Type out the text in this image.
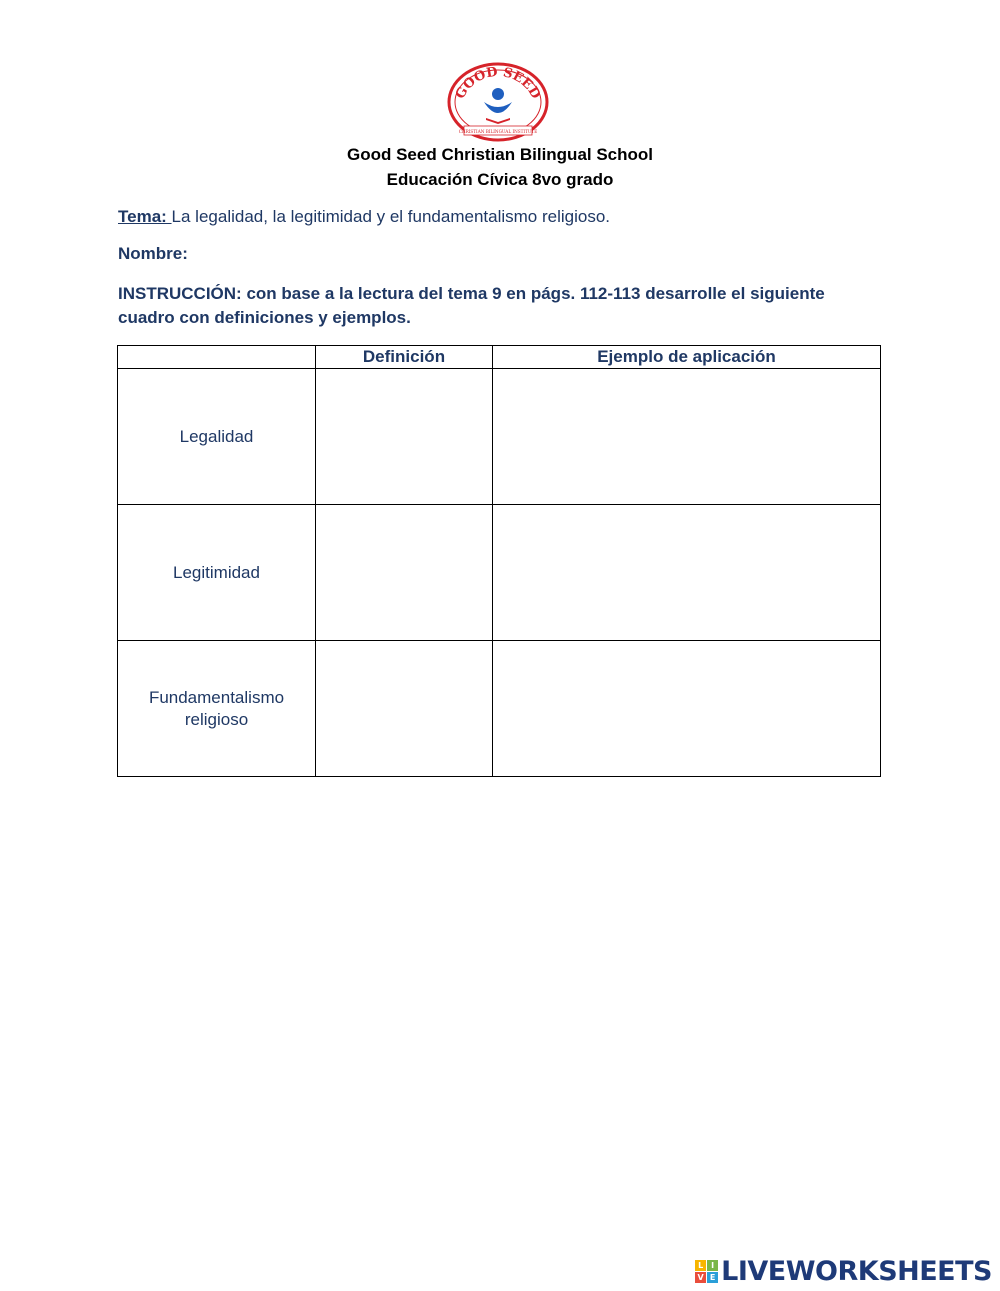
GOOD SEED
CHRISTIAN BILINGUAL INSTITUTE
Good Seed Christian Bilingual School
Educación Cívica 8vo grado
Tema: La legalidad, la legitimidad y el fundamentalismo religioso.
Nombre:
INSTRUCCIÓN: con base a la lectura del tema 9 en págs. 112-113 desarrolle el siguiente cuadro con definiciones y ejemplos.
	Definición	Ejemplo de aplicación
Legalidad		
Legitimidad		
Fundamentalismo religioso		
L I
V E LIVEWORKSHEETS
